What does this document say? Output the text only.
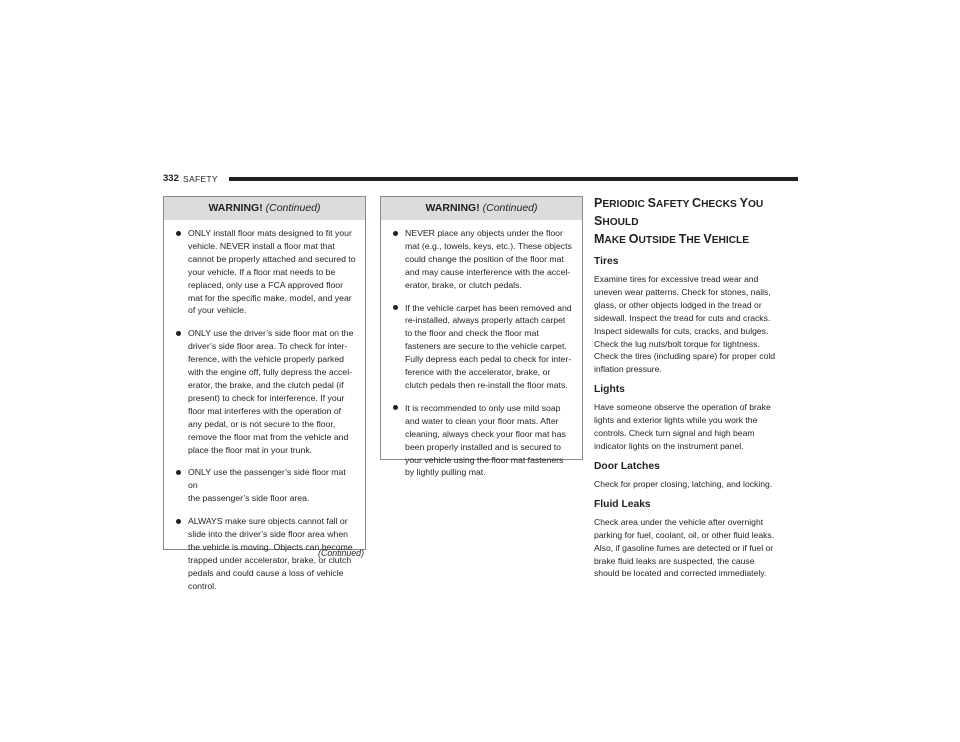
332 SAFETY
WARNING! (Continued)
ONLY install floor mats designed to fit your
vehicle. NEVER install a floor mat that
cannot be properly attached and secured to
your vehicle. If a floor mat needs to be
replaced, only use a FCA approved floor
mat for the specific make, model, and year
of your vehicle.
ONLY use the driver’s side floor mat on the
driver’s side floor area. To check for inter-
ference, with the vehicle properly parked
with the engine off, fully depress the accel-
erator, the brake, and the clutch pedal (if
present) to check for interference. If your
floor mat interferes with the operation of
any pedal, or is not secure to the floor,
remove the floor mat from the vehicle and
place the floor mat in your trunk.
ONLY use the passenger’s side floor mat on
the passenger’s side floor area.
ALWAYS make sure objects cannot fall or
slide into the driver’s side floor area when
the vehicle is moving. Objects can become
trapped under accelerator, brake, or clutch
pedals and could cause a loss of vehicle
control.
(Continued)
WARNING! (Continued)
NEVER place any objects under the floor
mat (e.g., towels, keys, etc.). These objects
could change the position of the floor mat
and may cause interference with the accel-
erator, brake, or clutch pedals.
If the vehicle carpet has been removed and
re-installed, always properly attach carpet
to the floor and check the floor mat
fasteners are secure to the vehicle carpet.
Fully depress each pedal to check for inter-
ference with the accelerator, brake, or
clutch pedals then re-install the floor mats.
It is recommended to only use mild soap
and water to clean your floor mats. After
cleaning, always check your floor mat has
been properly installed and is secured to
your vehicle using the floor mat fasteners
by lightly pulling mat.
PERIODIC SAFETY CHECKS YOU SHOULD
MAKE OUTSIDE THE VEHICLE
Tires
Examine tires for excessive tread wear and
uneven wear patterns. Check for stones, nails,
glass, or other objects lodged in the tread or
sidewall. Inspect the tread for cuts and cracks.
Inspect sidewalls for cuts, cracks, and bulges.
Check the lug nuts/bolt torque for tightness.
Check the tires (including spare) for proper cold
inflation pressure.
Lights
Have someone observe the operation of brake
lights and exterior lights while you work the
controls. Check turn signal and high beam
indicator lights on the instrument panel.
Door Latches
Check for proper closing, latching, and locking.
Fluid Leaks
Check area under the vehicle after overnight
parking for fuel, coolant, oil, or other fluid leaks.
Also, if gasoline fumes are detected or if fuel or
brake fluid leaks are suspected, the cause
should be located and corrected immediately.
